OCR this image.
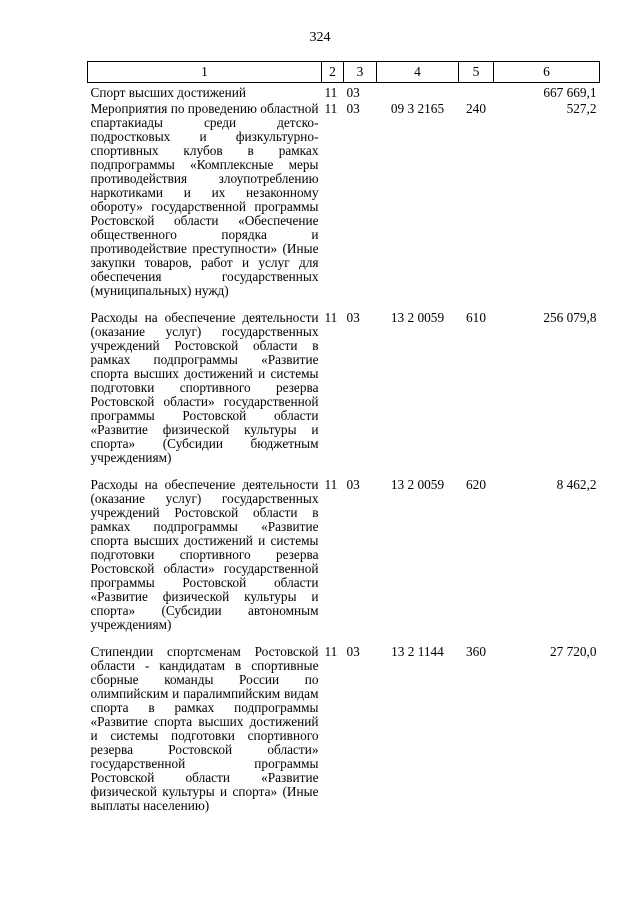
324
1	2	3	4	5	6
Спорт высших достижений	11	03			667 669,1
Мероприятия по проведению областной спартакиады среди детско-подростковых и физкультурно-спортивных клубов в рамках подпрограммы «Комплексные меры противодействия злоупотреблению наркотиками и их незаконному обороту» государственной программы Ростовской области «Обеспечение общественного порядка и противодействие преступности» (Иные закупки товаров, работ и услуг для обеспечения государственных (муниципальных) нужд)	11	03	09 3 2165	240	527,2
Расходы на обеспечение деятельности (оказание услуг) государственных учреждений Ростовской области в рамках подпрограммы «Развитие спорта высших достижений и системы подготовки спортивного резерва Ростовской области» государственной программы Ростовской области «Развитие физической культуры и спорта» (Субсидии бюджетным учреждениям)	11	03	13 2 0059	610	256 079,8
Расходы на обеспечение деятельности (оказание услуг) государственных учреждений Ростовской области в рамках подпрограммы «Развитие спорта высших достижений и системы подготовки спортивного резерва Ростовской области» государственной программы Ростовской области «Развитие физической культуры и спорта» (Субсидии автономным учреждениям)	11	03	13 2 0059	620	8 462,2
Стипендии спортсменам Ростовской области - кандидатам в спортивные сборные команды России по олимпийским и паралимпийским видам спорта в рамках подпрограммы «Развитие спорта высших достижений и системы подготовки спортивного резерва Ростовской области» государственной программы Ростовской области «Развитие физической культуры и спорта» (Иные выплаты населению)	11	03	13 2 1144	360	27 720,0
